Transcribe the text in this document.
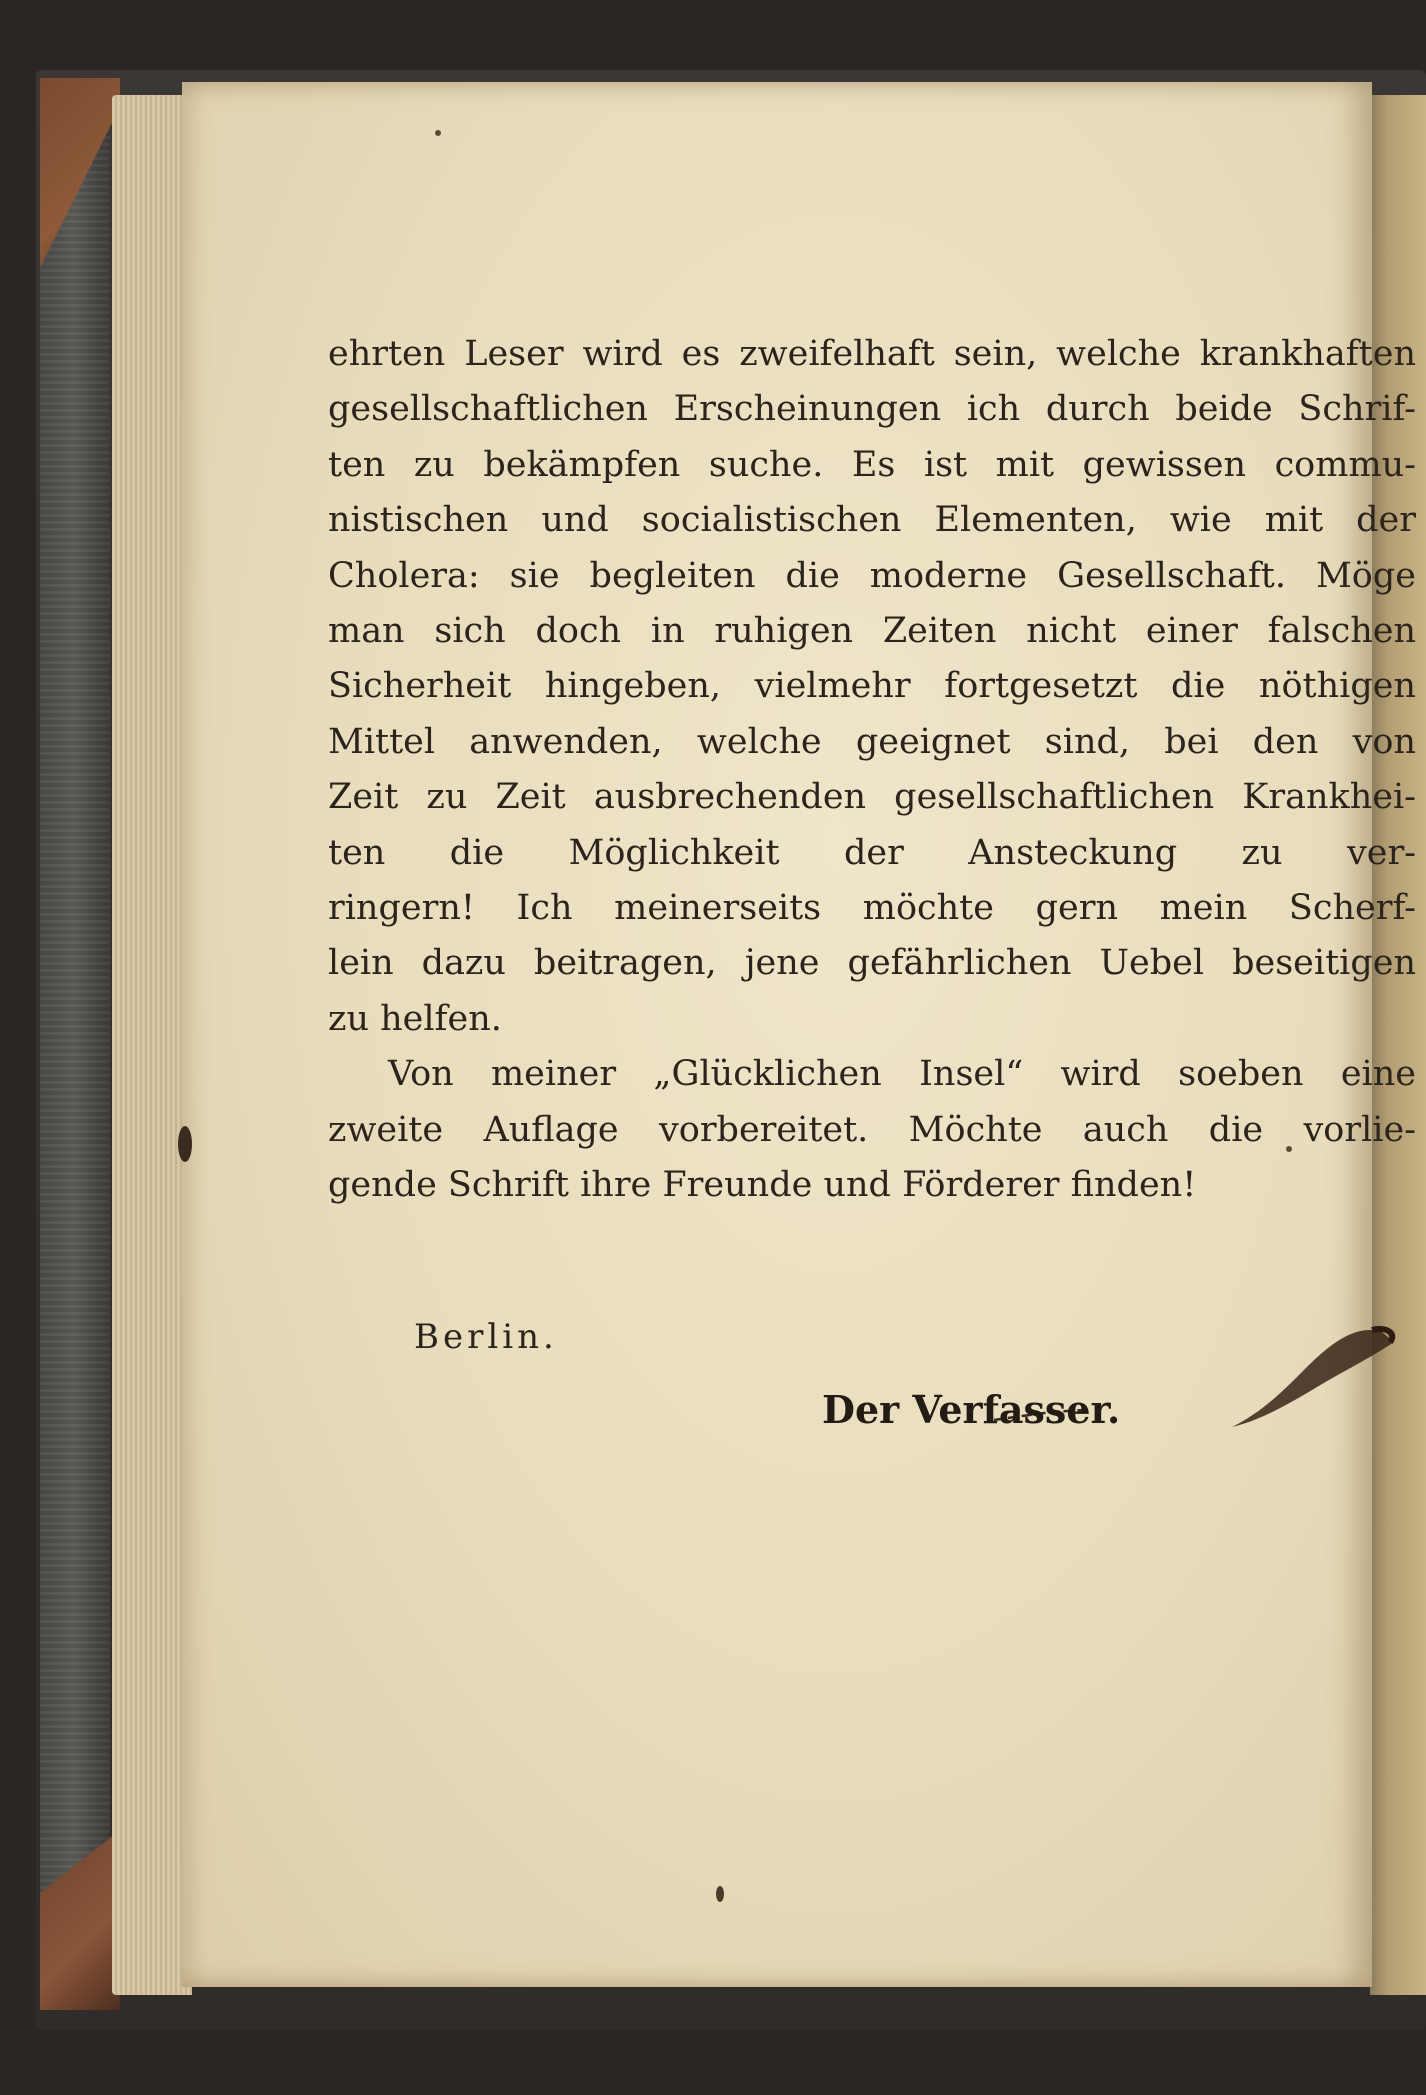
ehrten Leser wird es zweifelhaft sein, welche krankhaften
gesellschaftlichen Erscheinungen ich durch beide Schrif-
ten zu bekämpfen suche. Es ist mit gewissen commu-
nistischen und socialistischen Elementen, wie mit der
Cholera: sie begleiten die moderne Gesellschaft. Möge
man sich doch in ruhigen Zeiten nicht einer falschen
Sicherheit hingeben, vielmehr fortgesetzt die nöthigen
Mittel anwenden, welche geeignet sind, bei den von
Zeit zu Zeit ausbrechenden gesellschaftlichen Krankhei-
ten die Möglichkeit der Ansteckung zu ver-
ringern! Ich meinerseits möchte gern mein Scherf-
lein dazu beitragen, jene gefährlichen Uebel beseitigen
zu helfen.
Von meiner „Glücklichen Insel“ wird soeben eine
zweite Auflage vorbereitet. Möchte auch die vorlie-
gende Schrift ihre Freunde und Förderer finden!
Berlin.
Der Verfasser.
